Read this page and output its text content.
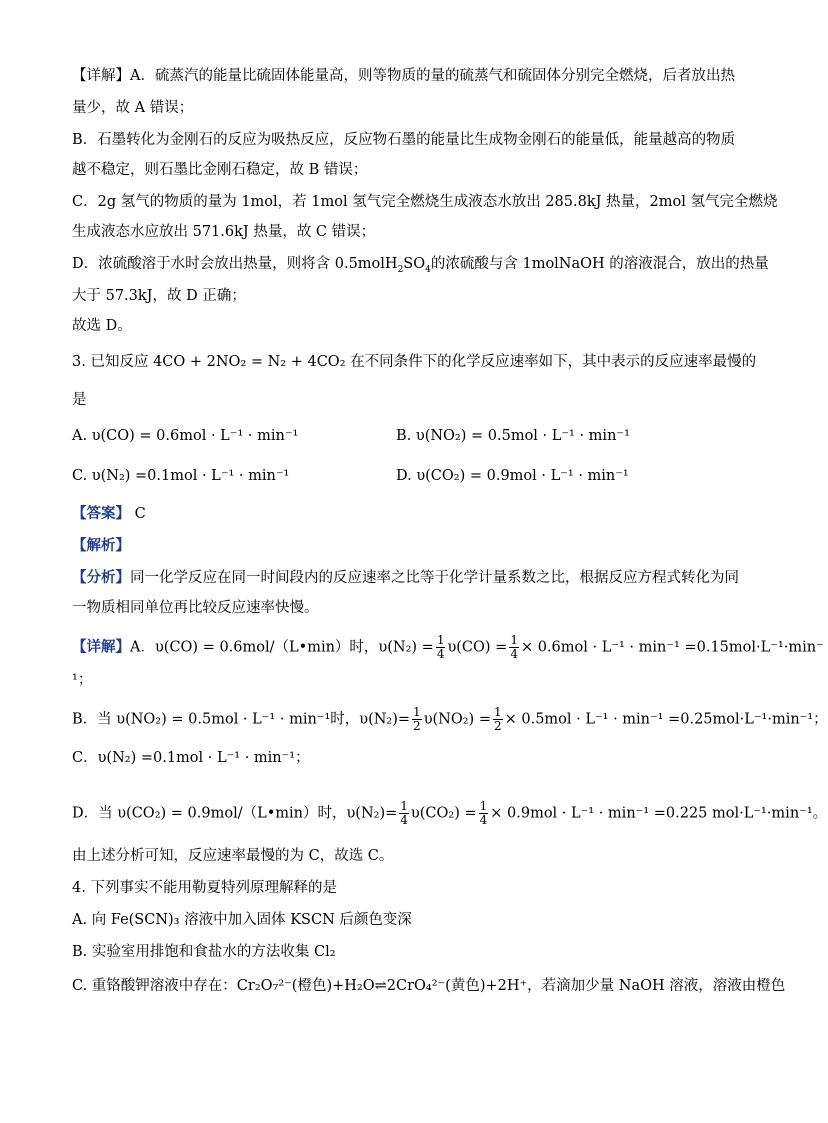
【详解】A．硫蒸汽的能量比硫固体能量高，则等物质的量的硫蒸气和硫固体分别完全燃烧，后者放出热
量少，故 A 错误；
B．石墨转化为金刚石的反应为吸热反应，反应物石墨的能量比生成物金刚石的能量低，能量越高的物质
越不稳定，则石墨比金刚石稳定，故 B 错误；
C．2g 氢气的物质的量为 1mol，若 1mol 氢气完全燃烧生成液态水放出 285.8kJ 热量，2mol 氢气完全燃烧
生成液态水应放出 571.6kJ 热量，故 C 错误；
D．浓硫酸溶于水时会放出热量，则将含 $0.5molH_2SO_4$的浓硫酸与含 1molNaOH 的溶液混合，放出的热量
大于 57.3kJ，故 D 正确；
故选 D。
3. 已知反应 4CO + 2NO₂ = N₂ + 4CO₂ 在不同条件下的化学反应速率如下，其中表示的反应速率最慢的
是
A. υ(CO) = 0.6mol · L⁻¹ · min⁻¹	B. υ(NO₂) = 0.5mol · L⁻¹ · min⁻¹
C. υ(N₂) =0.1mol · L⁻¹ · min⁻¹	D. υ(CO₂) = 0.9mol · L⁻¹ · min⁻¹
【答案】 C
【解析】
【分析】同一化学反应在同一时间段内的反应速率之比等于化学计量系数之比，根据反应方程式转化为同
一物质相同单位再比较反应速率快慢。
【详解】A．υ(CO) = 0.6mol/（L•min）时，$\upsilon(N_2) = \frac{1}{4} \upsilon(CO) = \frac{1}{4} \times 0.6mol \cdot L^{-1} \cdot \min^{-1} =0.15mol\cdot L^{-1}\cdot\min^-$
¹；
B．当 υ(NO₂) = 0.5mol · L⁻¹ · min⁻¹时，$\upsilon(N_2)= \frac{1}{2} \upsilon(NO_2) = \frac{1}{2} \times 0.5mol \cdot L^{-1} \cdot \min^{-1} =0.25mol\cdot L^{-1}\cdot\min^{-1}$；
C．υ(N₂) =0.1mol · L⁻¹ · min⁻¹；
D．当 υ(CO₂) = 0.9mol/（L•min）时，$\upsilon(N_2)= \frac{1}{4} \upsilon(CO_2) = \frac{1}{4} \times 0.9mol \cdot L^{-1} \cdot \min^{-1} =0.225$ mol·L⁻¹·min⁻¹。
由上述分析可知，反应速率最慢的为 C，故选 C。
4. 下列事实不能用勒夏特列原理解释的是
A. 向 Fe(SCN)₃ 溶液中加入固体 KSCN 后颜色变深
B. 实验室用排饱和食盐水的方法收集 Cl₂
C. 重铬酸钾溶液中存在：Cr₂O₇²⁻(橙色)+H₂O⇌2CrO₄²⁻(黄色)+2H⁺，若滴加少量 NaOH 溶液，溶液由橙色
